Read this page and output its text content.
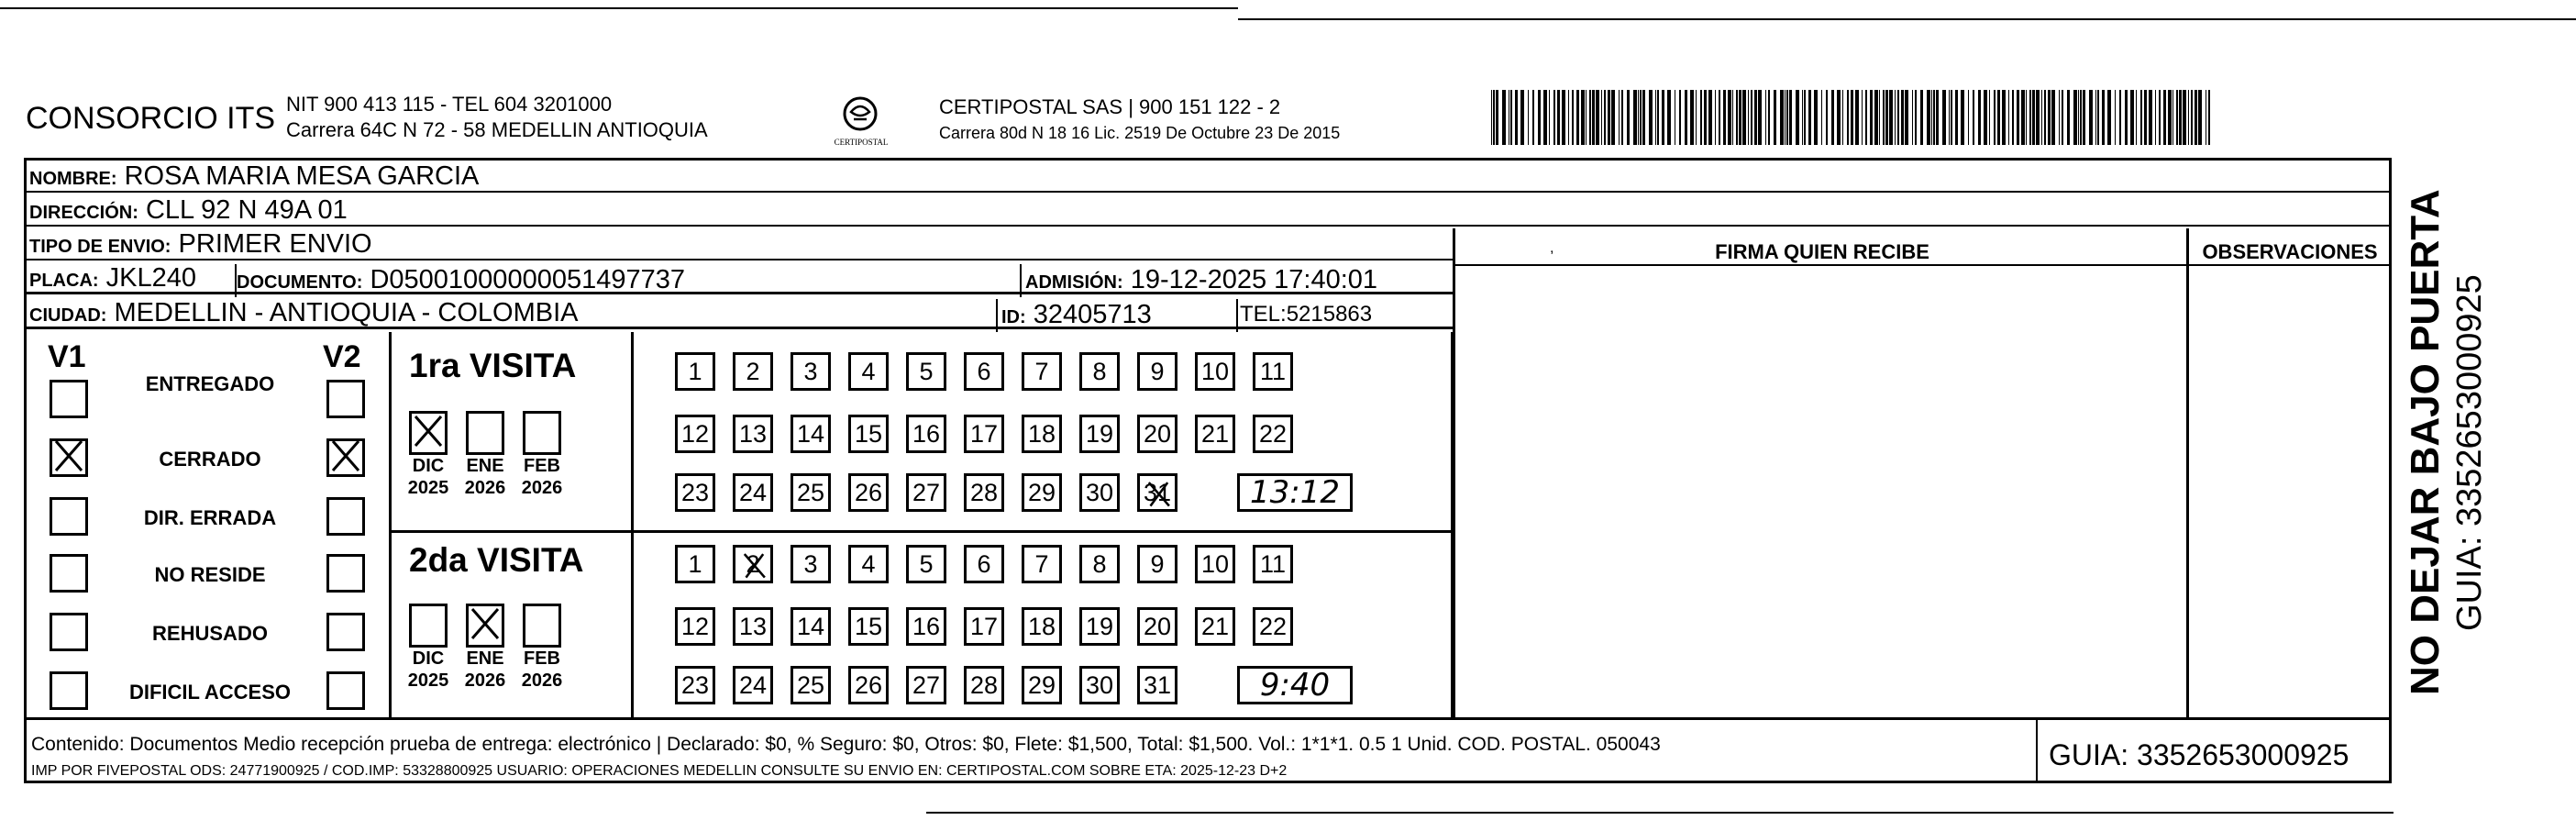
CONSORCIO ITS NIT 900 413 115 - TEL 604 3201000
Carrera 64C N 72 - 58 MEDELLIN ANTIOQUIA
CERTIPOSTAL
CERTIPOSTAL SAS | 900 151 122 - 2
Carrera 80d N 18 16 Lic. 2519 De Octubre 23 De 2015
NOMBRE: ROSA MARIA MESA GARCIA
DIRECCIÓN: CLL 92 N 49A 01
TIPO DE ENVIO: PRIMER ENVIO
PLACA: JKL240
CIUDAD: MEDELLIN - ANTIOQUIA - COLOMBIA
DOCUMENTO: D05001000000051497737	ADMISIÓN: 19-12-2025 17:40:01
ID: 32405713	TEL:5215863
FIRMA QUIEN RECIBE	OBSERVACIONES
,
V1	V2
ENTREGADO
CERRADO
DIR. ERRADA
NO RESIDE
REHUSADO
DIFICIL ACCESO
1ra VISITA
DIC
2025
ENE
2026
FEB
2026
1 2 3 4 5 6 7 8 9 10 11
12 13 14 15 16 17 18 19 20 21 22
23 24 25 26 27 28 29 30 31	13:12
2da VISITA
DIC
2025
ENE
2026
FEB
2026
1 2 3 4 5 6 7 8 9 10 11
12 13 14 15 16 17 18 19 20 21 22
23 24 25 26 27 28 29 30 31	9:40
Contenido: Documentos Medio recepción prueba de entrega: electrónico | Declarado: $0, % Seguro: $0, Otros: $0, Flete: $1,500, Total: $1,500. Vol.: 1*1*1. 0.5 1 Unid. COD. POSTAL. 050043
IMP POR FIVEPOSTAL ODS: 24771900925 / COD.IMP: 53328800925 USUARIO: OPERACIONES MEDELLIN CONSULTE SU ENVIO EN: CERTIPOSTAL.COM SOBRE ETA: 2025-12-23 D+2	GUIA: 3352653000925
NO DEJAR BAJO PUERTA GUIA: 3352653000925
